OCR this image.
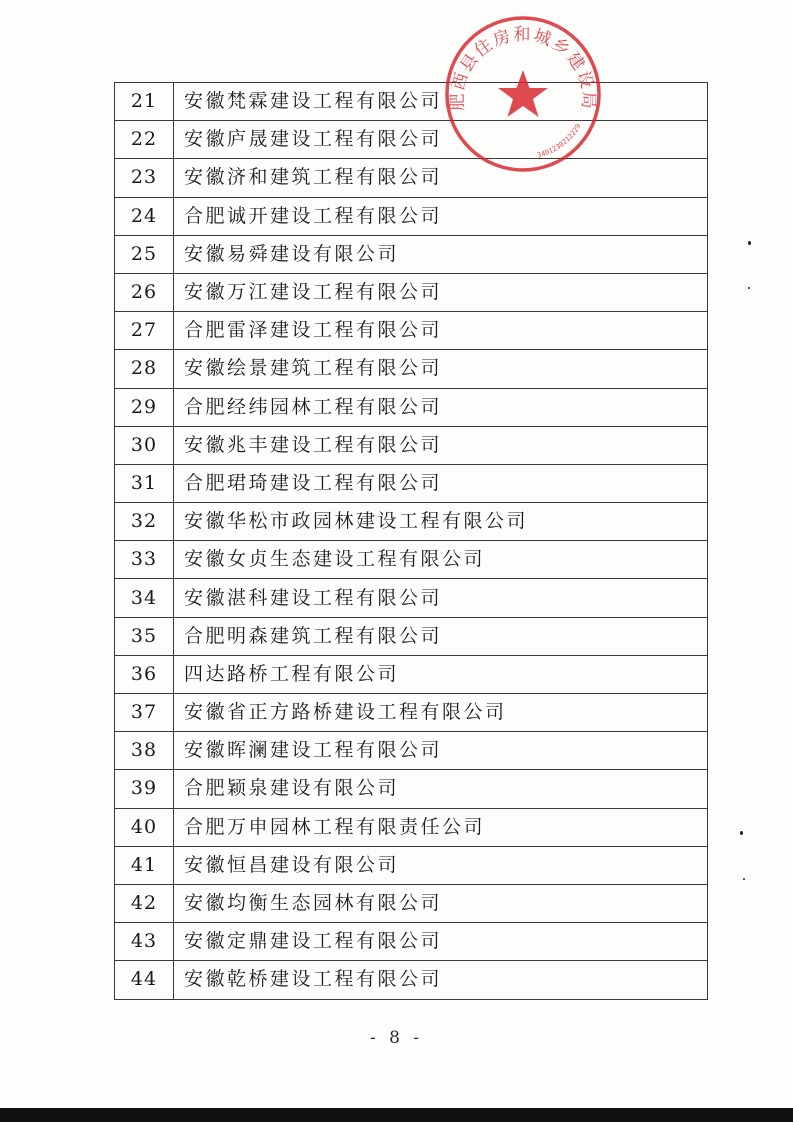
21	安徽梵霖建设工程有限公司
22	安徽庐晟建设工程有限公司
23	安徽济和建筑工程有限公司
24	合肥诚开建设工程有限公司
25	安徽易舜建设有限公司
26	安徽万江建设工程有限公司
27	合肥雷泽建设工程有限公司
28	安徽绘景建筑工程有限公司
29	合肥经纬园林工程有限公司
30	安徽兆丰建设工程有限公司
31	合肥珺琦建设工程有限公司
32	安徽华松市政园林建设工程有限公司
33	安徽女贞生态建设工程有限公司
34	安徽湛科建设工程有限公司
35	合肥明森建筑工程有限公司
36	四达路桥工程有限公司
37	安徽省正方路桥建设工程有限公司
38	安徽晖澜建设工程有限公司
39	合肥颖泉建设有限公司
40	合肥万申园林工程有限责任公司
41	安徽恒昌建设有限公司
42	安徽均衡生态园林有限公司
43	安徽定鼎建设工程有限公司
44	安徽乾桥建设工程有限公司
肥西县住房和城乡建设局
3401230212229
- 8 -
